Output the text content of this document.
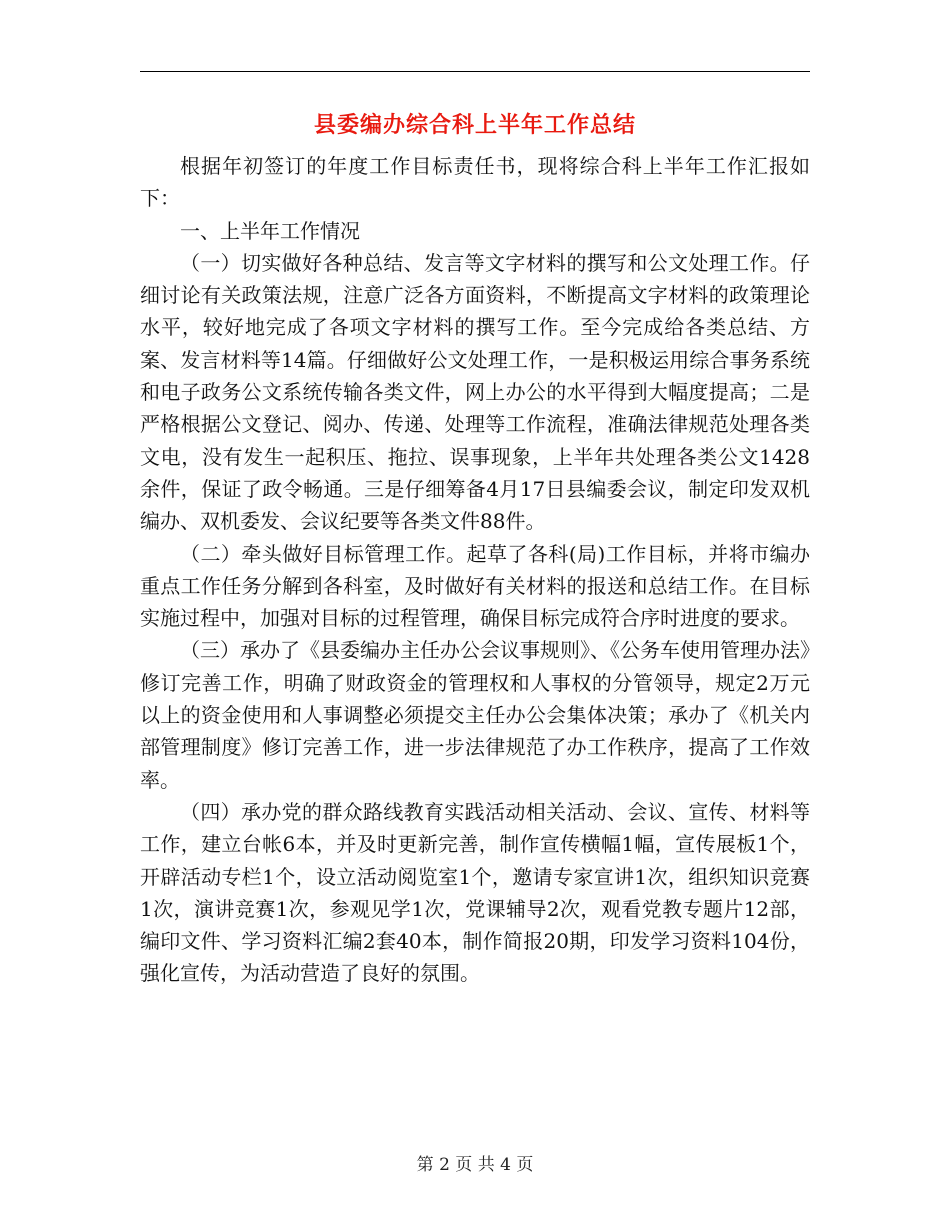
县委编办综合科上半年工作总结

根据年初签订的年度工作目标责任书，现将综合科上半年工作汇报如下：

一、上半年工作情况

（一）切实做好各种总结、发言等文字材料的撰写和公文处理工作。仔细讨论有关政策法规，注意广泛各方面资料，不断提高文字材料的政策理论水平，较好地完成了各项文字材料的撰写工作。至今完成给各类总结、方案、发言材料等14篇。仔细做好公文处理工作，一是积极运用综合事务系统和电子政务公文系统传输各类文件，网上办公的水平得到大幅度提高；二是严格根据公文登记、阅办、传递、处理等工作流程，准确法律规范处理各类文电，没有发生一起积压、拖拉、误事现象，上半年共处理各类公文1428余件，保证了政令畅通。三是仔细筹备4月17日县编委会议，制定印发双机编办、双机委发、会议纪要等各类文件88件。

（二）牵头做好目标管理工作。起草了各科(局)工作目标，并将市编办重点工作任务分解到各科室，及时做好有关材料的报送和总结工作。在目标实施过程中，加强对目标的过程管理，确保目标完成符合序时进度的要求。

（三）承办了《县委编办主任办公会议事规则》、《公务车使用管理办法》修订完善工作，明确了财政资金的管理权和人事权的分管领导，规定2万元以上的资金使用和人事调整必须提交主任办公会集体决策；承办了《机关内部管理制度》修订完善工作，进一步法律规范了办工作秩序，提高了工作效率。

（四）承办党的群众路线教育实践活动相关活动、会议、宣传、材料等工作，建立台帐6本，并及时更新完善，制作宣传横幅1幅，宣传展板1个，开辟活动专栏1个，设立活动阅览室1个，邀请专家宣讲1次，组织知识竞赛1次，演讲竞赛1次，参观见学1次，党课辅导2次，观看党教专题片12部，编印文件、学习资料汇编2套40本，制作简报20期，印发学习资料104份，强化宣传，为活动营造了良好的氛围。

第 2 页 共 4 页
